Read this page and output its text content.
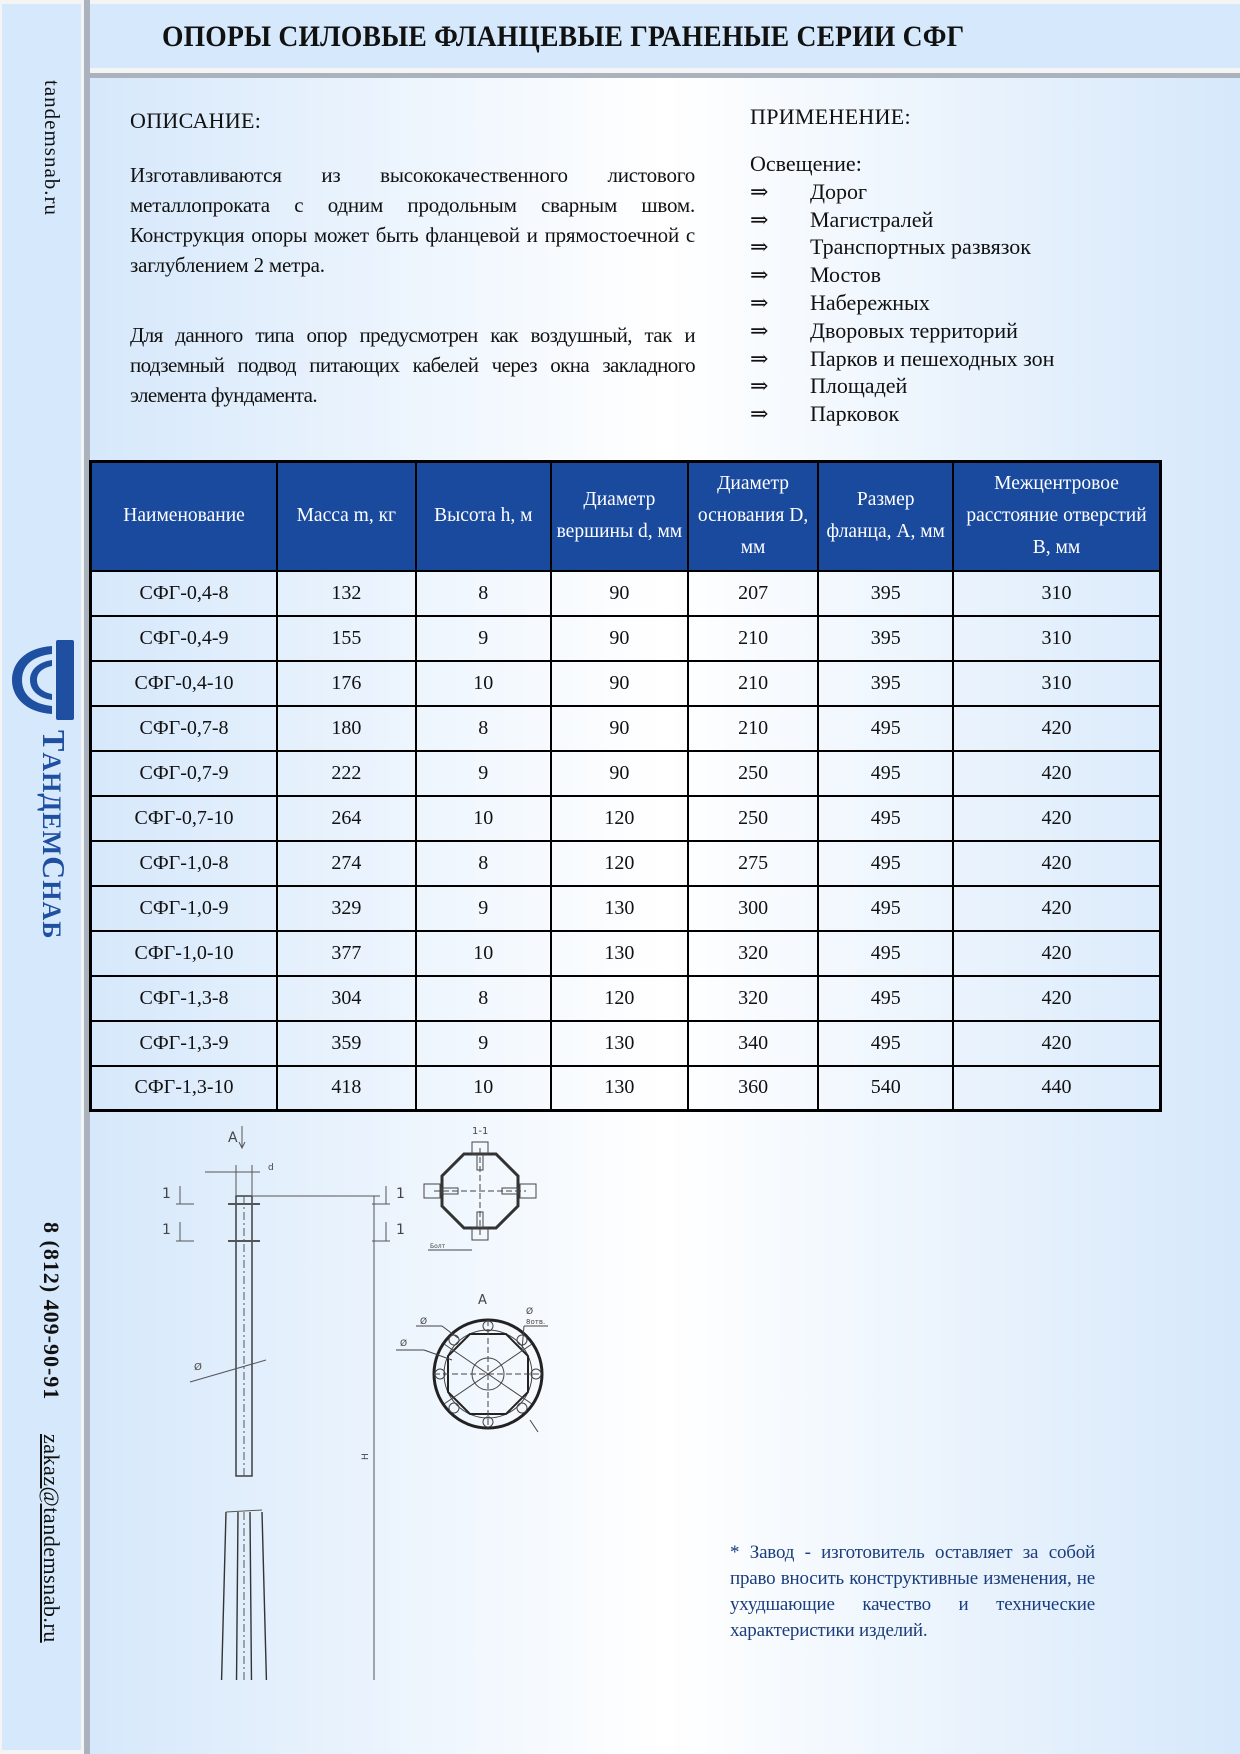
tandemsnab.ru
ТАНДЕМСНАБ
8 (812) 409-90-91
zakaz@tandemsnab.ru
ОПОРЫ СИЛОВЫЕ ФЛАНЦЕВЫЕ ГРАНЕНЫЕ СЕРИИ СФГ
ОПИСАНИЕ:

Изготавливаются из высококачественного листового металлопроката с одним продольным сварным швом. Конструкция опоры может быть фланцевой и прямостоечной с заглублением 2 метра.

Для данного типа опор предусмотрен как воздушный, так и подземный подвод питающих кабелей через окна закладного элемента фундамента.

ПРИМЕНЕНИЕ:
Освещение:
⇒	Дорог
⇒	Магистралей
⇒	Транспортных развязок
⇒	Мостов
⇒	Набережных
⇒	Дворовых территорий
⇒	Парков и пешеходных зон
⇒	Площадей
⇒	Парковок
Наименование	Масса m, кг	Высота h, м	Диаметр вершины d, мм	Диаметр основания D, мм	Размер фланца, A, мм	Межцентровое расстояние отверстий B, мм
СФГ-0,4-8	132	8	90	207	395	310
СФГ-0,4-9	155	9	90	210	395	310
СФГ-0,4-10	176	10	90	210	395	310
СФГ-0,7-8	180	8	90	210	495	420
СФГ-0,7-9	222	9	90	250	495	420
СФГ-0,7-10	264	10	120	250	495	420
СФГ-1,0-8	274	8	120	275	495	420
СФГ-1,0-9	329	9	130	300	495	420
СФГ-1,0-10	377	10	130	320	495	420
СФГ-1,3-8	304	8	120	320	495	420
СФГ-1,3-9	359	9	130	340	495	420
СФГ-1,3-10	418	10	130	360	540	440
A
d
1
1
1
1
Ø
H
1-1
Болт
A
Ø
Ø
Ø
8отв.

* Завод - изготовитель оставляет за собой право вносить конструктивные изменения, не ухудшающие качество и технические характеристики изделий.
